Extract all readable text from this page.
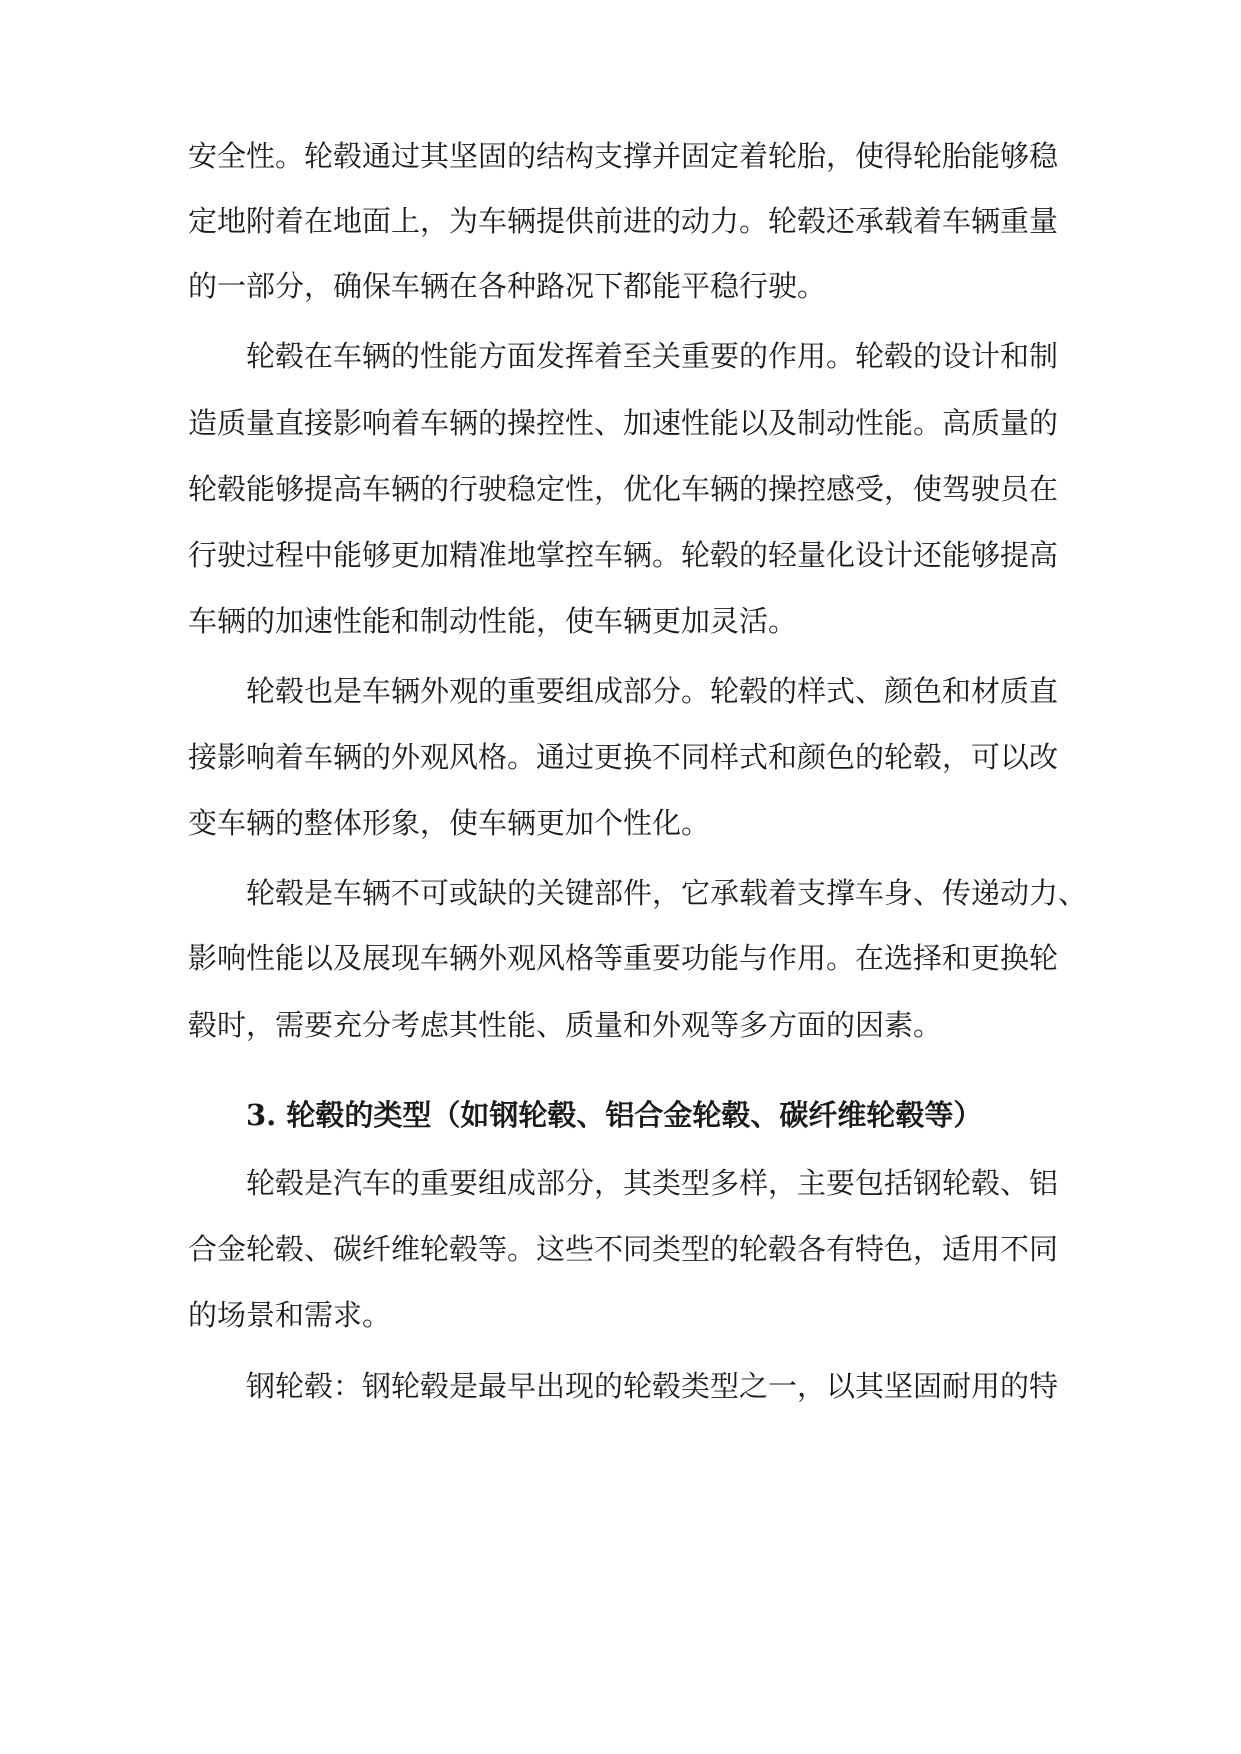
安全性。轮毂通过其坚固的结构支撑并固定着轮胎，使得轮胎能够稳
定地附着在地面上，为车辆提供前进的动力。轮毂还承载着车辆重量
的一部分，确保车辆在各种路况下都能平稳行驶。
轮毂在车辆的性能方面发挥着至关重要的作用。轮毂的设计和制
造质量直接影响着车辆的操控性、加速性能以及制动性能。高质量的
轮毂能够提高车辆的行驶稳定性，优化车辆的操控感受，使驾驶员在
行驶过程中能够更加精准地掌控车辆。轮毂的轻量化设计还能够提高
车辆的加速性能和制动性能，使车辆更加灵活。
轮毂也是车辆外观的重要组成部分。轮毂的样式、颜色和材质直
接影响着车辆的外观风格。通过更换不同样式和颜色的轮毂，可以改
变车辆的整体形象，使车辆更加个性化。
轮毂是车辆不可或缺的关键部件，它承载着支撑车身、传递动力、
影响性能以及展现车辆外观风格等重要功能与作用。在选择和更换轮
毂时，需要充分考虑其性能、质量和外观等多方面的因素。
3. 轮毂的类型（如钢轮毂、铝合金轮毂、碳纤维轮毂等）
轮毂是汽车的重要组成部分，其类型多样，主要包括钢轮毂、铝
合金轮毂、碳纤维轮毂等。这些不同类型的轮毂各有特色，适用不同
的场景和需求。
钢轮毂：钢轮毂是最早出现的轮毂类型之一，以其坚固耐用的特
